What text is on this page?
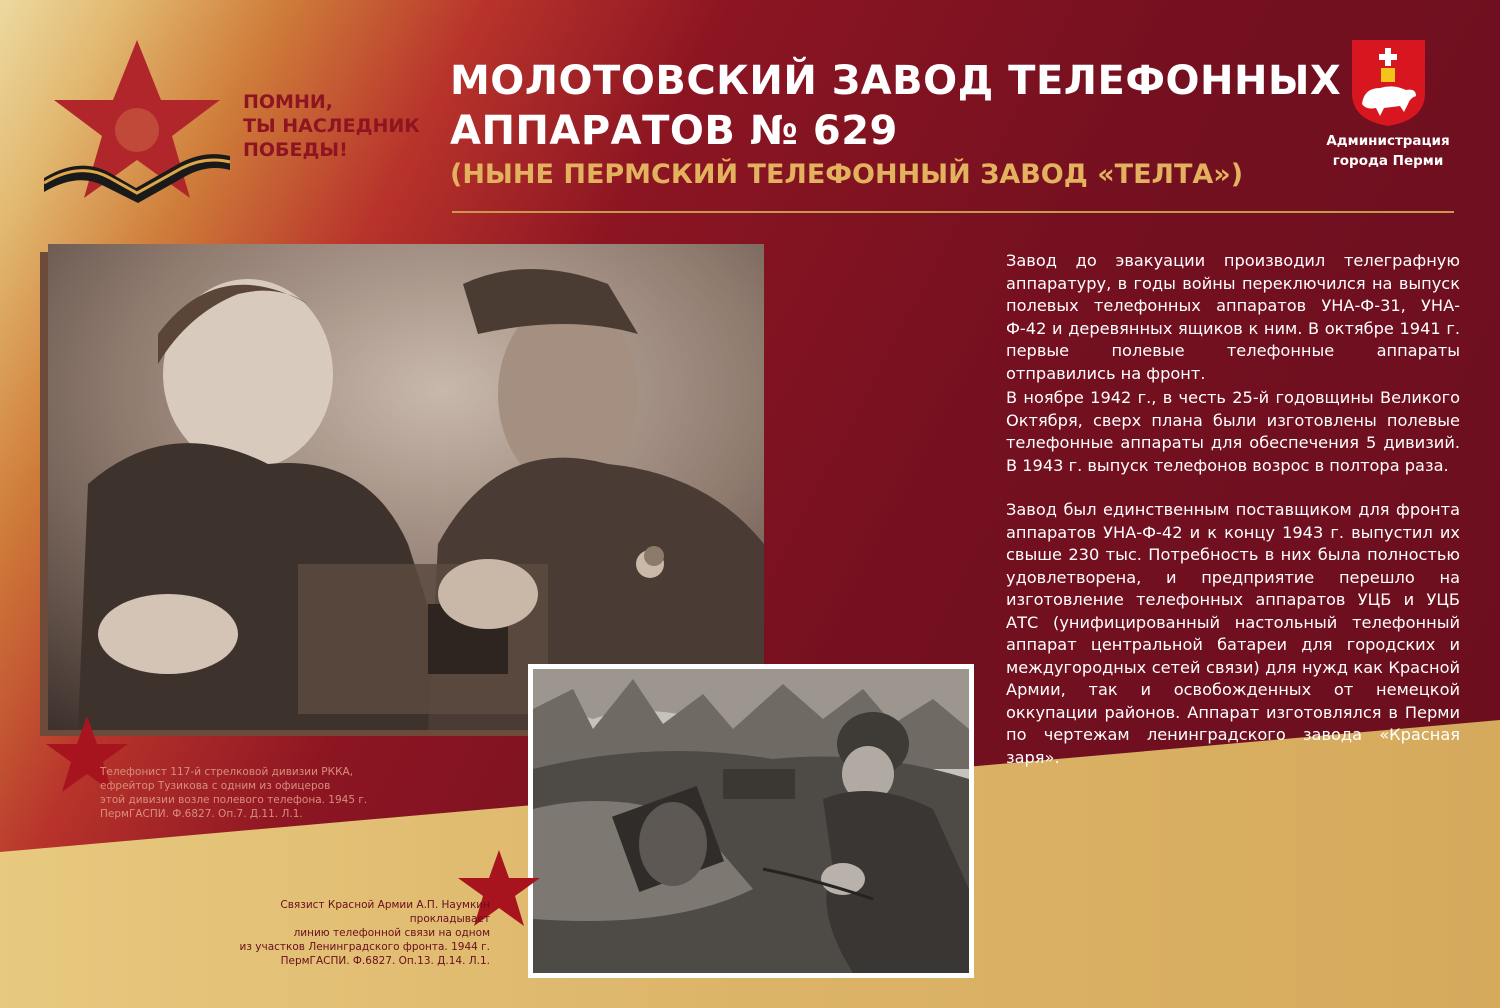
ПОМНИ,
ТЫ НАСЛЕДНИК
ПОБЕДЫ!
МОЛОТОВСКИЙ ЗАВОД ТЕЛЕФОННЫХ
АППАРАТОВ № 629
(НЫНЕ ПЕРМСКИЙ ТЕЛЕФОННЫЙ ЗАВОД «ТЕЛТА»)
Администрация
города Перми
Телефонист 117-й стрелковой дивизии РККА,
ефрейтор Тузикова с одним из офицеров
этой дивизии возле полевого телефона. 1945 г.
ПермГАСПИ. Ф.6827. Оп.7. Д.11. Л.1.
Связист Красной Армии А.П. Наумкин прокладывает
линию телефонной связи на одном
из участков Ленинградского фронта. 1944 г.
ПермГАСПИ. Ф.6827. Оп.13. Д.14. Л.1.

Завод до эвакуации производил телеграфную аппаратуру, в годы войны переключился на выпуск полевых телефонных аппаратов УНА-Ф-31, УНА-Ф-42 и деревянных ящиков к ним. В октябре 1941 г. первые полевые телефонные аппараты отправились на фронт.

В ноябре 1942 г., в честь 25-й годовщины Великого Октября, сверх плана были изготовлены полевые телефонные аппараты для обеспечения 5 дивизий. В 1943 г. выпуск телефонов возрос в полтора раза.

Завод был единственным поставщиком для фронта аппаратов УНА-Ф-42 и к концу 1943 г. выпустил их свыше 230 тыс. Потребность в них была полностью удовлетворена, и предприятие перешло на изготовление телефонных аппаратов УЦБ и УЦБ АТС (унифицированный настольный телефонный аппарат центральной батареи для городских и междугородных сетей связи) для нужд как Красной Армии, так и освобожденных от немецкой оккупации районов. Аппарат изготовлялся в Перми по чертежам ленинградского завода «Красная заря».
